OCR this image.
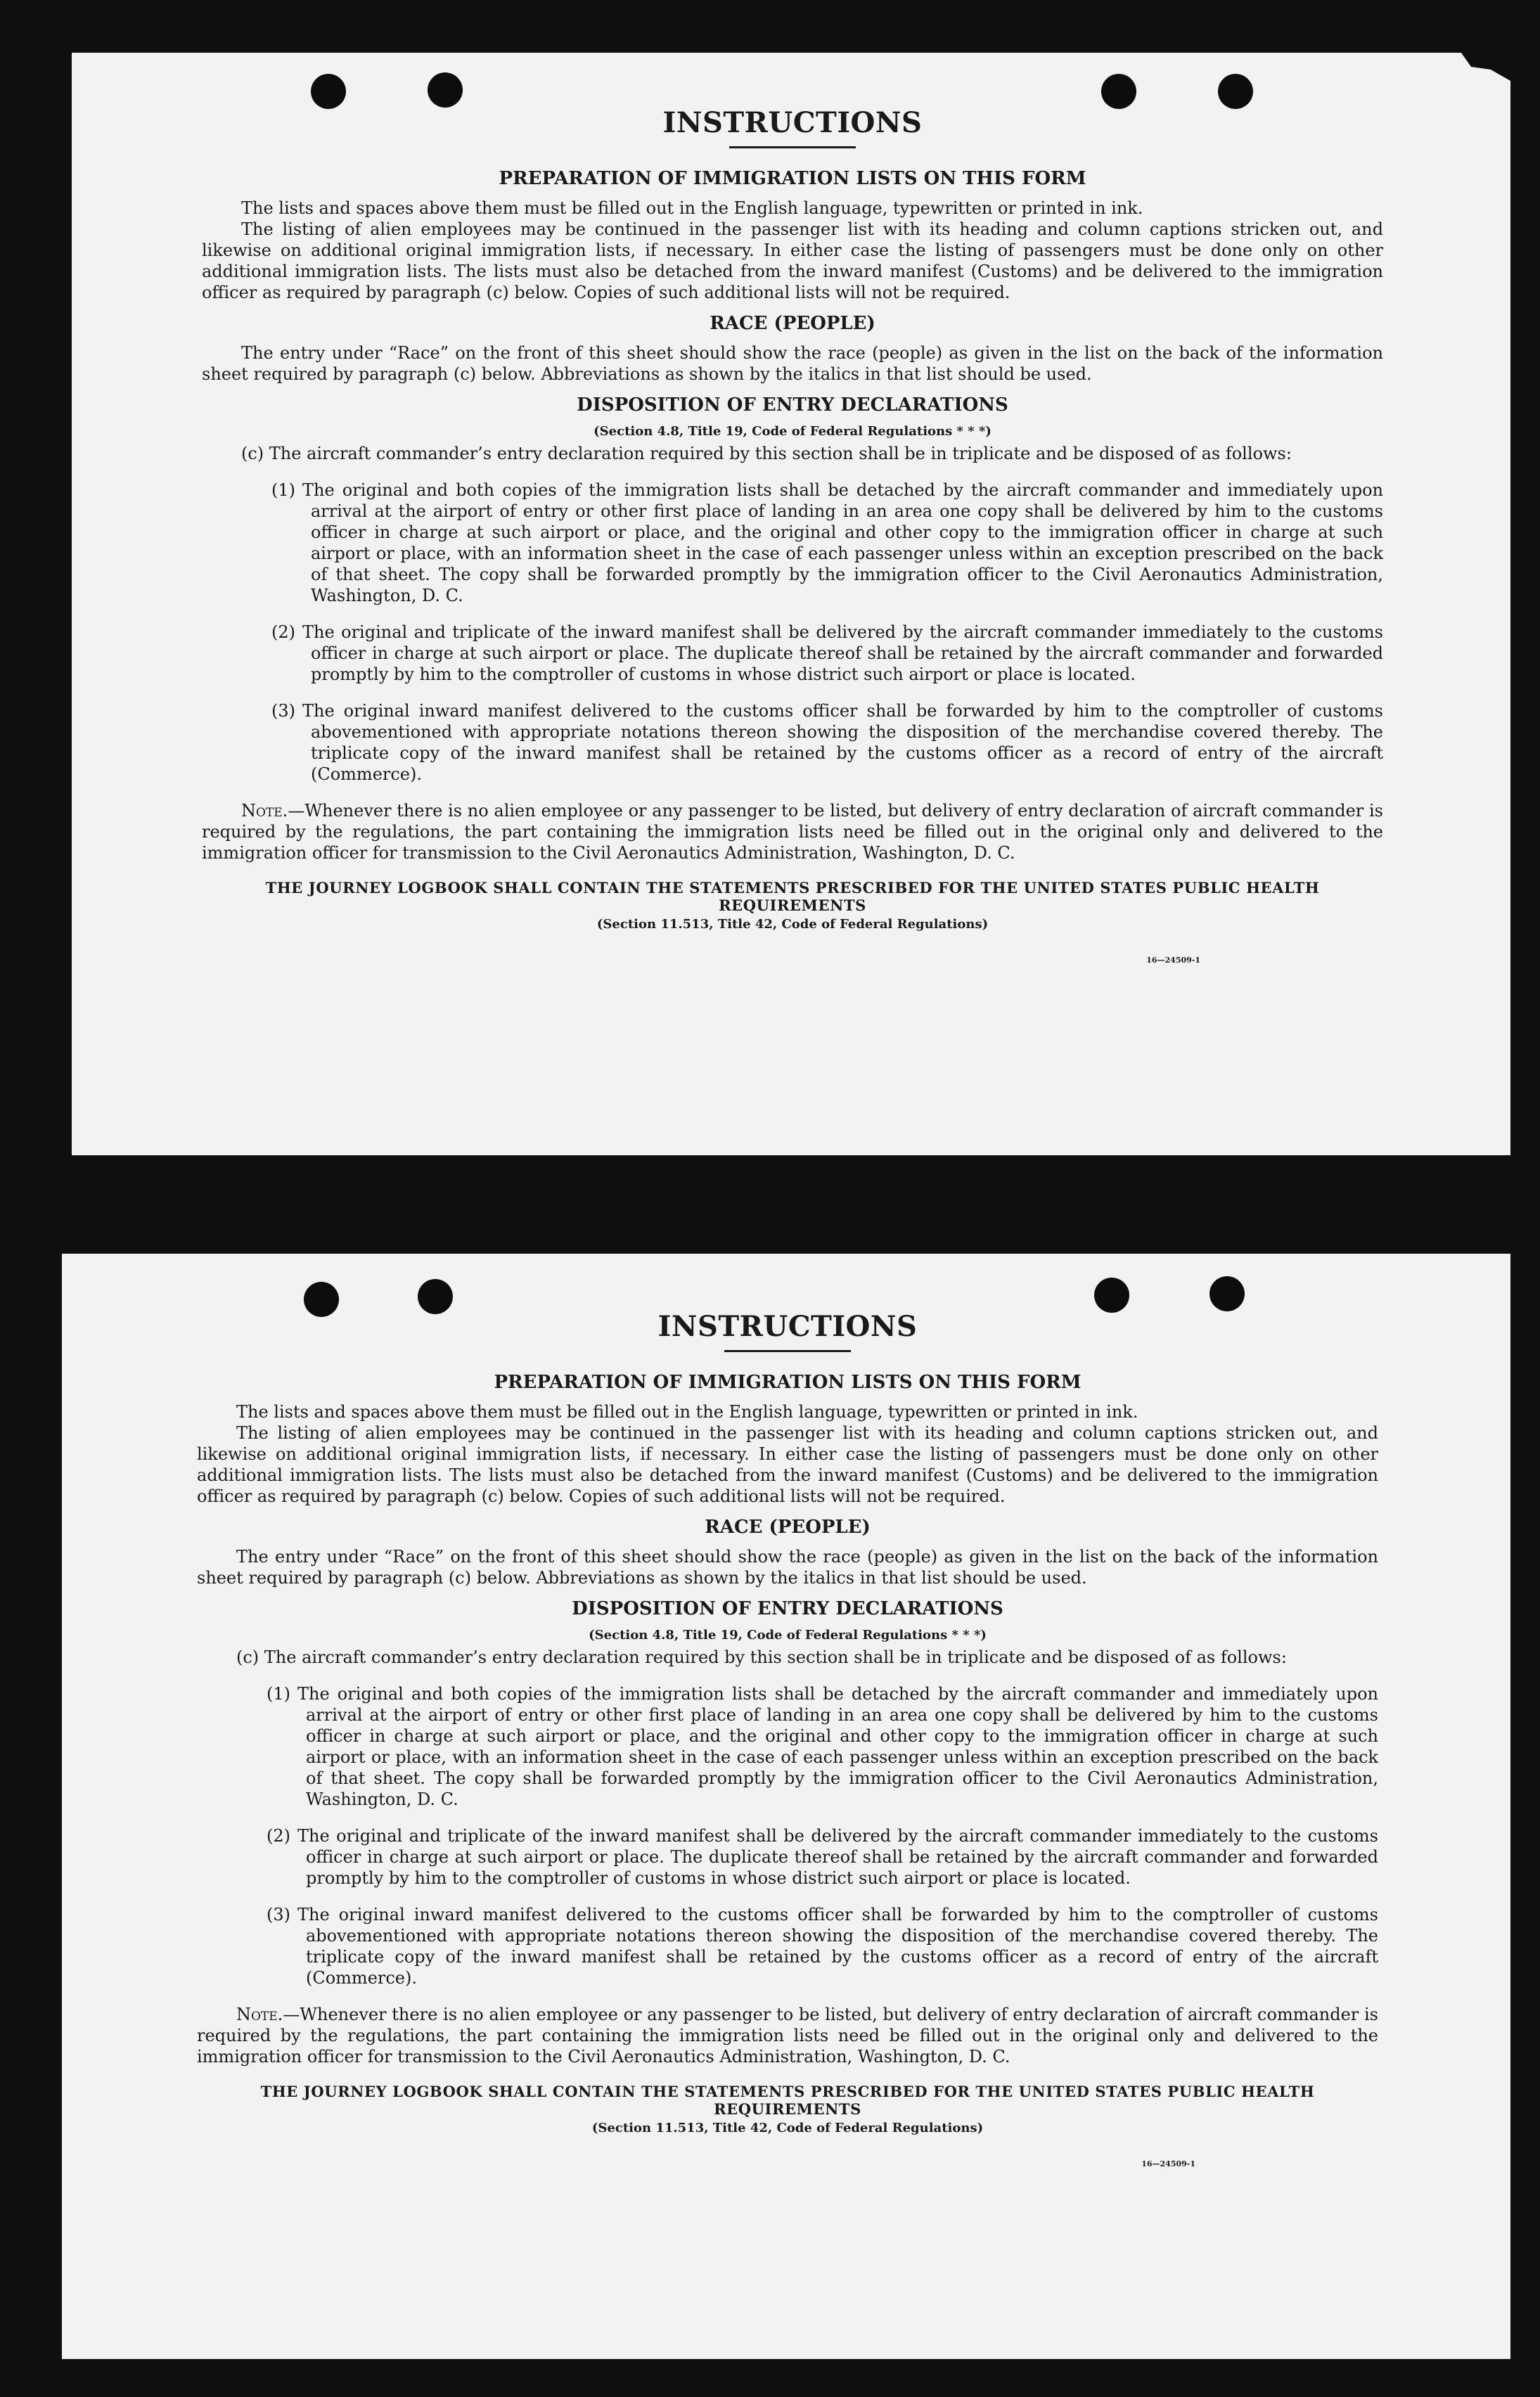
INSTRUCTIONS
PREPARATION OF IMMIGRATION LISTS ON THIS FORM

The lists and spaces above them must be filled out in the English language, typewritten or printed in ink.

The listing of alien employees may be continued in the passenger list with its heading and column captions stricken out, and likewise on additional original immigration lists, if necessary. In either case the listing of passengers must be done only on other additional immigration lists. The lists must also be detached from the inward manifest (Customs) and be delivered to the immigration officer as required by paragraph (c) below. Copies of such additional lists will not be required.

RACE (PEOPLE)

The entry under “Race” on the front of this sheet should show the race (people) as given in the list on the back of the information sheet required by paragraph (c) below. Abbreviations as shown by the italics in that list should be used.

DISPOSITION OF ENTRY DECLARATIONS
(Section 4.8, Title 19, Code of Federal Regulations * * *)

(c) The aircraft commander’s entry declaration required by this section shall be in triplicate and be disposed of as follows:

(1) The original and both copies of the immigration lists shall be detached by the aircraft commander and immediately upon arrival at the airport of entry or other first place of landing in an area one copy shall be delivered by him to the customs officer in charge at such airport or place, and the original and other copy to the immigration officer in charge at such airport or place, with an information sheet in the case of each passenger unless within an exception prescribed on the back of that sheet. The copy shall be forwarded promptly by the immigration officer to the Civil Aeronautics Administration, Washington, D. C.

(2) The original and triplicate of the inward manifest shall be delivered by the aircraft commander immediately to the customs officer in charge at such airport or place. The duplicate thereof shall be retained by the aircraft commander and forwarded promptly by him to the comptroller of customs in whose district such airport or place is located.

(3) The original inward manifest delivered to the customs officer shall be forwarded by him to the comptroller of customs abovementioned with appropriate notations thereon showing the disposition of the merchandise covered thereby. The triplicate copy of the inward manifest shall be retained by the customs officer as a record of entry of the aircraft (Commerce).

Note.—Whenever there is no alien employee or any passenger to be listed, but delivery of entry declaration of aircraft commander is required by the regulations, the part containing the immigration lists need be filled out in the original only and delivered to the immigration officer for transmission to the Civil Aeronautics Administration, Washington, D. C.

THE JOURNEY LOGBOOK SHALL CONTAIN THE STATEMENTS PRESCRIBED FOR THE UNITED STATES PUBLIC HEALTH REQUIREMENTS
(Section 11.513, Title 42, Code of Federal Regulations)
16—24509-1
INSTRUCTIONS
PREPARATION OF IMMIGRATION LISTS ON THIS FORM

The lists and spaces above them must be filled out in the English language, typewritten or printed in ink.

The listing of alien employees may be continued in the passenger list with its heading and column captions stricken out, and likewise on additional original immigration lists, if necessary. In either case the listing of passengers must be done only on other additional immigration lists. The lists must also be detached from the inward manifest (Customs) and be delivered to the immigration officer as required by paragraph (c) below. Copies of such additional lists will not be required.

RACE (PEOPLE)

The entry under “Race” on the front of this sheet should show the race (people) as given in the list on the back of the information sheet required by paragraph (c) below. Abbreviations as shown by the italics in that list should be used.

DISPOSITION OF ENTRY DECLARATIONS
(Section 4.8, Title 19, Code of Federal Regulations * * *)

(c) The aircraft commander’s entry declaration required by this section shall be in triplicate and be disposed of as follows:

(1) The original and both copies of the immigration lists shall be detached by the aircraft commander and immediately upon arrival at the airport of entry or other first place of landing in an area one copy shall be delivered by him to the customs officer in charge at such airport or place, and the original and other copy to the immigration officer in charge at such airport or place, with an information sheet in the case of each passenger unless within an exception prescribed on the back of that sheet. The copy shall be forwarded promptly by the immigration officer to the Civil Aeronautics Administration, Washington, D. C.

(2) The original and triplicate of the inward manifest shall be delivered by the aircraft commander immediately to the customs officer in charge at such airport or place. The duplicate thereof shall be retained by the aircraft commander and forwarded promptly by him to the comptroller of customs in whose district such airport or place is located.

(3) The original inward manifest delivered to the customs officer shall be forwarded by him to the comptroller of customs abovementioned with appropriate notations thereon showing the disposition of the merchandise covered thereby. The triplicate copy of the inward manifest shall be retained by the customs officer as a record of entry of the aircraft (Commerce).

Note.—Whenever there is no alien employee or any passenger to be listed, but delivery of entry declaration of aircraft commander is required by the regulations, the part containing the immigration lists need be filled out in the original only and delivered to the immigration officer for transmission to the Civil Aeronautics Administration, Washington, D. C.

THE JOURNEY LOGBOOK SHALL CONTAIN THE STATEMENTS PRESCRIBED FOR THE UNITED STATES PUBLIC HEALTH REQUIREMENTS
(Section 11.513, Title 42, Code of Federal Regulations)
16—24509-1
